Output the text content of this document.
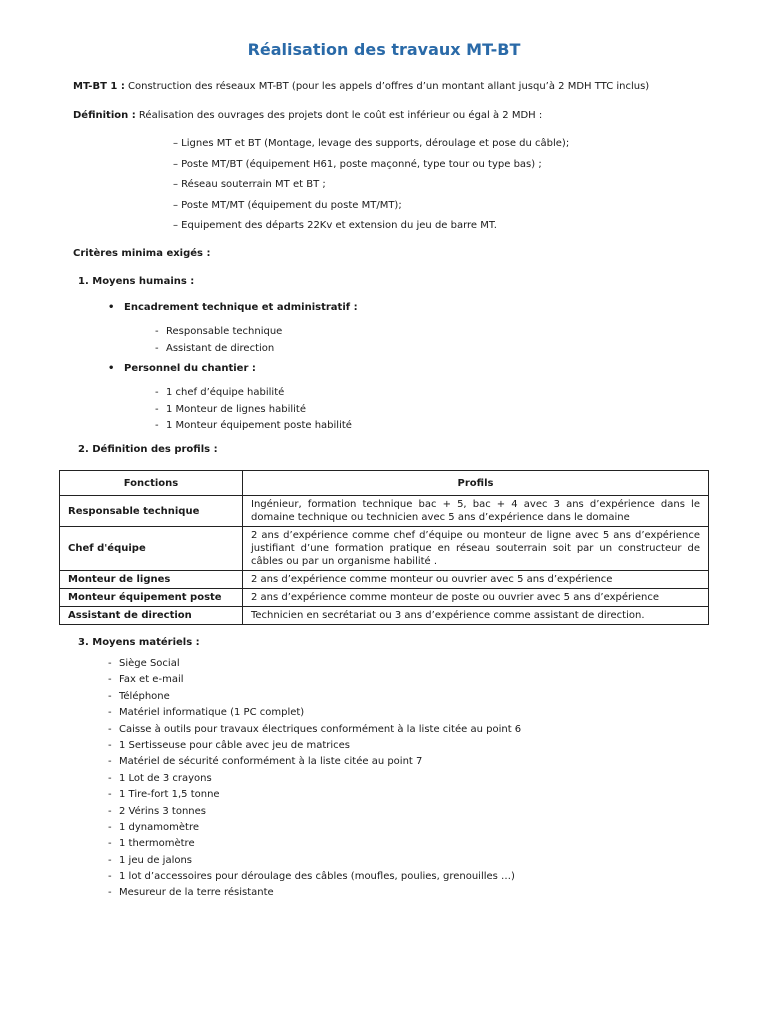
Réalisation des travaux MT-BT
MT-BT 1 : Construction des réseaux MT-BT (pour les appels d’offres d’un montant allant jusqu’à 2 MDH TTC inclus)
Définition : Réalisation des ouvrages des projets dont le coût est inférieur ou égal à 2 MDH :
– Lignes MT et BT (Montage, levage des supports, déroulage et pose du câble);
– Poste MT/BT (équipement H61, poste maçonné, type tour ou type bas) ;
– Réseau souterrain MT et BT ;
– Poste MT/MT (équipement du poste MT/MT);
– Equipement des départs 22Kv et extension du jeu de barre MT.
Critères minima exigés :
1. Moyens humains :
• Encadrement technique et administratif :
- Responsable technique
- Assistant de direction
• Personnel du chantier :
- 1 chef d’équipe habilité
- 1 Monteur de lignes habilité
- 1 Monteur équipement poste habilité
2. Définition des profils :
Fonctions	Profils
Responsable technique	Ingénieur, formation technique bac + 5, bac + 4 avec 3 ans d’expérience dans le domaine technique ou technicien avec 5 ans d’expérience dans le domaine
Chef d'équipe	2 ans d’expérience comme chef d’équipe ou monteur de ligne avec 5 ans d’expérience justifiant d’une formation pratique en réseau souterrain soit par un constructeur de câbles ou par un organisme habilité .
Monteur de lignes	2 ans d’expérience comme monteur ou ouvrier avec 5 ans d’expérience
Monteur équipement poste	2 ans d’expérience comme monteur de poste ou ouvrier avec 5 ans d’expérience
Assistant de direction	Technicien en secrétariat ou 3 ans d’expérience comme assistant de direction.
3. Moyens matériels :
- Siège Social
- Fax et e-mail
- Téléphone
- Matériel informatique (1 PC complet)
- Caisse à outils pour travaux électriques conformément à la liste citée au point 6
- 1 Sertisseuse pour câble avec jeu de matrices
- Matériel de sécurité conformément à la liste citée au point 7
- 1 Lot de 3 crayons
- 1 Tire-fort 1,5 tonne
- 2 Vérins 3 tonnes
- 1 dynamomètre
- 1 thermomètre
- 1 jeu de jalons
- 1 lot d’accessoires pour déroulage des câbles (moufles, poulies, grenouilles …)
- Mesureur de la terre résistante
